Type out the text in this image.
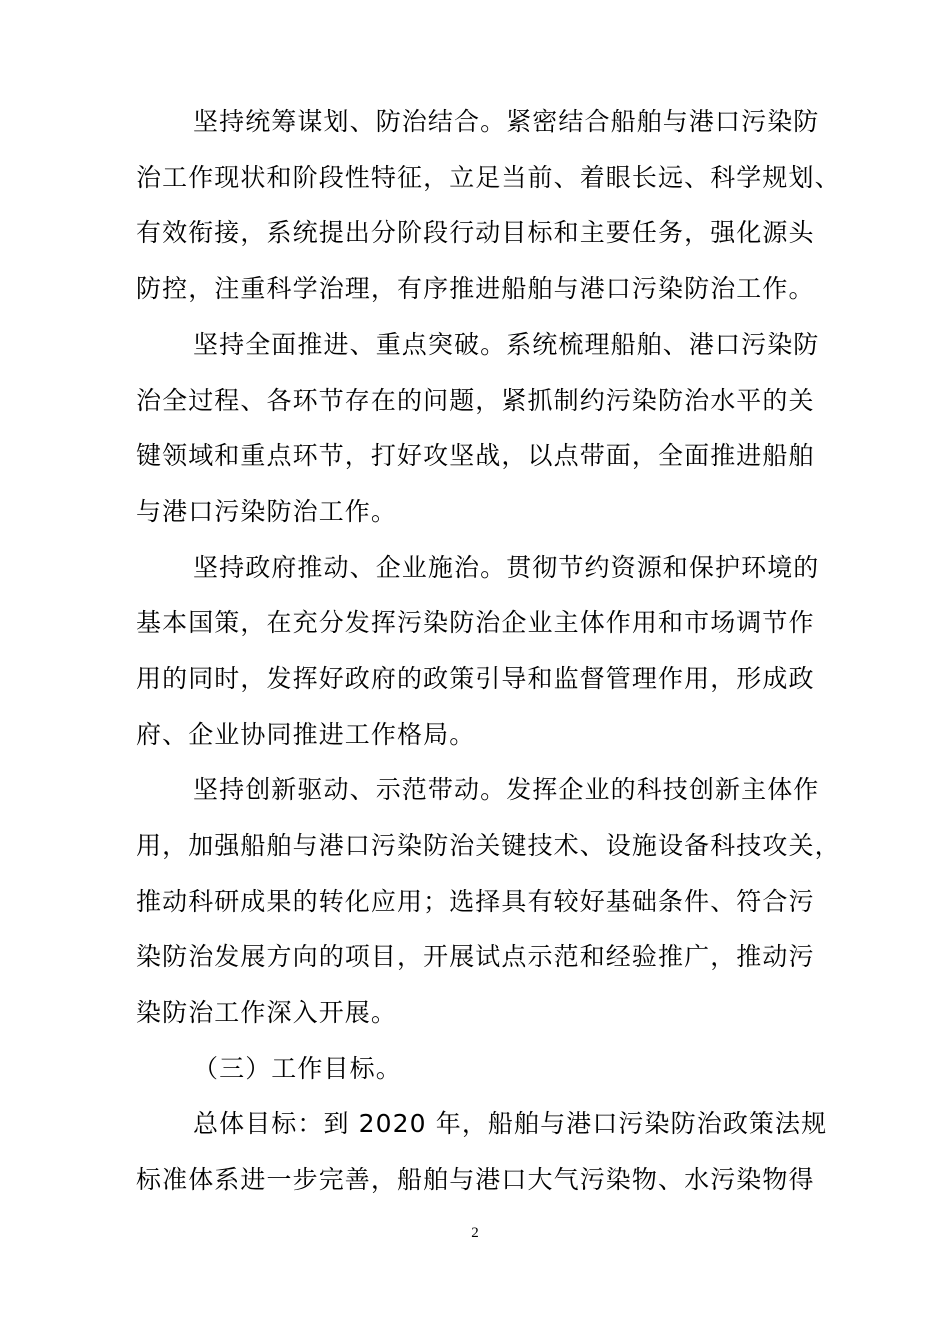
坚持统筹谋划、防治结合。紧密结合船舶与港口污染防
治工作现状和阶段性特征，立足当前、着眼长远、科学规划、
有效衔接，系统提出分阶段行动目标和主要任务，强化源头
防控，注重科学治理，有序推进船舶与港口污染防治工作。
坚持全面推进、重点突破。系统梳理船舶、港口污染防
治全过程、各环节存在的问题，紧抓制约污染防治水平的关
键领域和重点环节，打好攻坚战，以点带面，全面推进船舶
与港口污染防治工作。
坚持政府推动、企业施治。贯彻节约资源和保护环境的
基本国策，在充分发挥污染防治企业主体作用和市场调节作
用的同时，发挥好政府的政策引导和监督管理作用，形成政
府、企业协同推进工作格局。
坚持创新驱动、示范带动。发挥企业的科技创新主体作
用，加强船舶与港口污染防治关键技术、设施设备科技攻关，
推动科研成果的转化应用；选择具有较好基础条件、符合污
染防治发展方向的项目，开展试点示范和经验推广，推动污
染防治工作深入开展。
（三）工作目标。
总体目标：到 2020 年，船舶与港口污染防治政策法规
标准体系进一步完善，船舶与港口大气污染物、水污染物得
2
